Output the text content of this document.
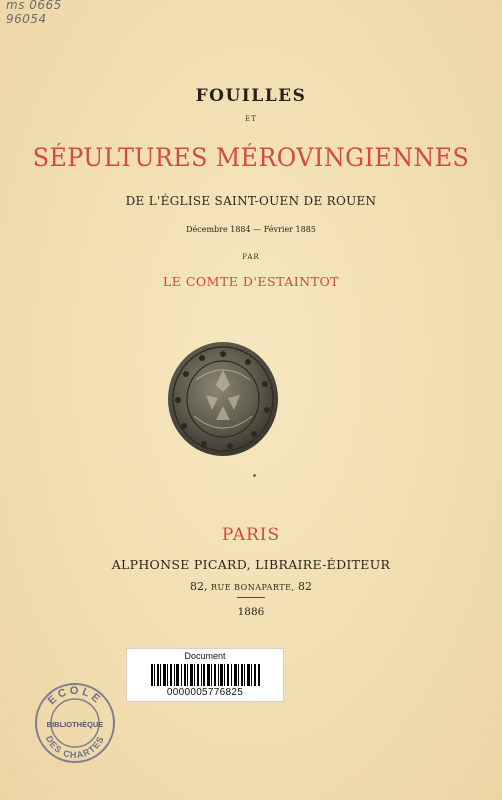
ms 0665
96054
FOUILLES
ET
SÉPULTURES MÉROVINGIENNES
DE L'ÉGLISE SAINT-OUEN DE ROUEN
Décembre 1884 — Février 1885
PAR
LE COMTE D'ESTAINTOT
PARIS
ALPHONSE PICARD, LIBRAIRE-ÉDITEUR
82, RUE BONAPARTE, 82
1886
Document
0000005776825
ECOLE
BIBLIOTHÈQUE
DES CHARTES
